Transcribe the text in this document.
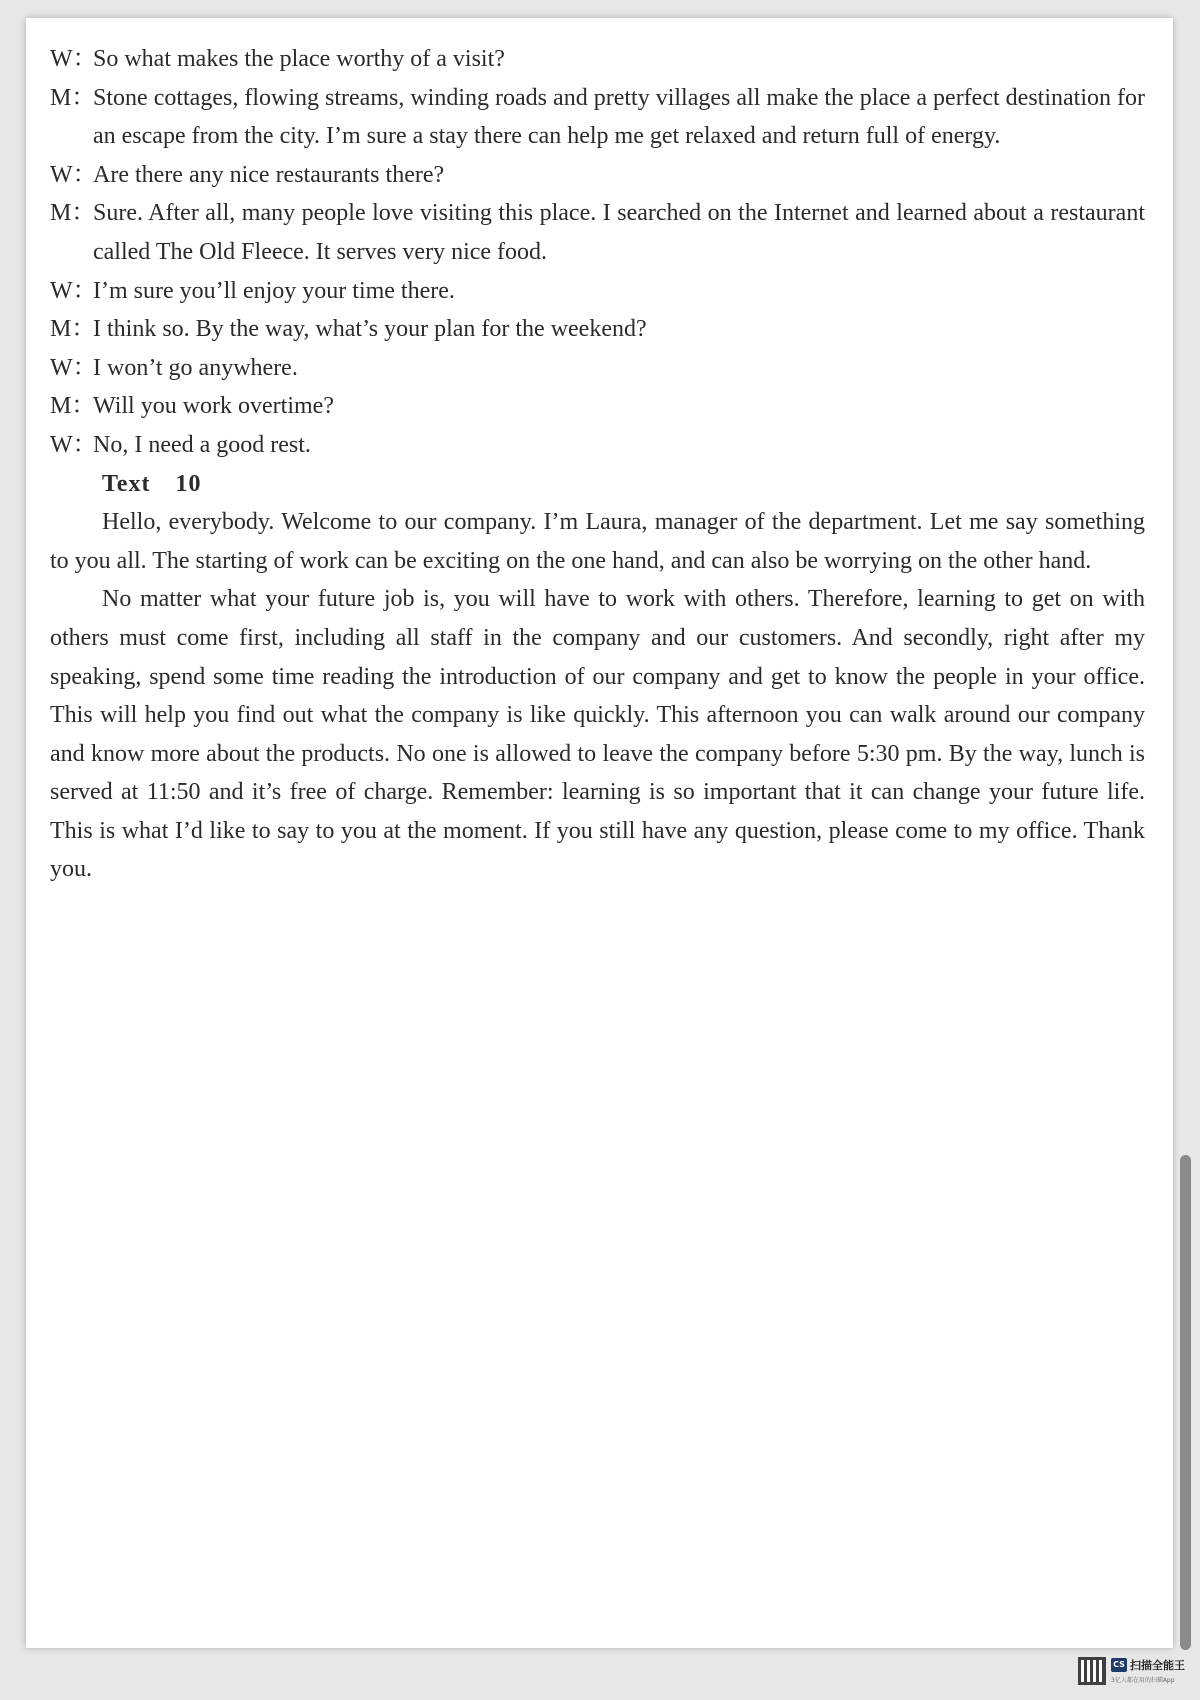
W：
So what makes the place worthy of a visit?
M：
Stone cottages, flowing streams, winding roads and pretty villages all make the place a perfect destination for an escape from the city. I’m sure a stay there can help me get relaxed and return full of energy.
W：
Are there any nice restaurants there?
M：
Sure. After all, many people love visiting this place. I searched on the Internet and learned about a restaurant called The Old Fleece. It serves very nice food.
W：
I’m sure you’ll enjoy your time there.
M：
I think so. By the way, what’s your plan for the weekend?
W：
I won’t go anywhere.
M：
Will you work overtime?
W：
No, I need a good rest.
Text　10
Hello, everybody. Welcome to our company. I’m Laura, manager of the department. Let me say something to you all. The starting of work can be exciting on the one hand, and can also be worrying on the other hand.
No matter what your future job is, you will have to work with others. Therefore, learning to get on with others must come first, including all staff in the company and our customers. And secondly, right after my speaking, spend some time reading the introduction of our company and get to know the people in your office. This will help you find out what the company is like quickly. This afternoon you can walk around our company and know more about the products. No one is allowed to leave the company before 5:30 pm. By the way, lunch is served at 11:50 and it’s free of charge. Remember: learning is so important that it can change your future life. This is what I’d like to say to you at the moment. If you still have any question, please come to my office. Thank you.
CS 扫描全能王
3亿人都在用的扫描App
